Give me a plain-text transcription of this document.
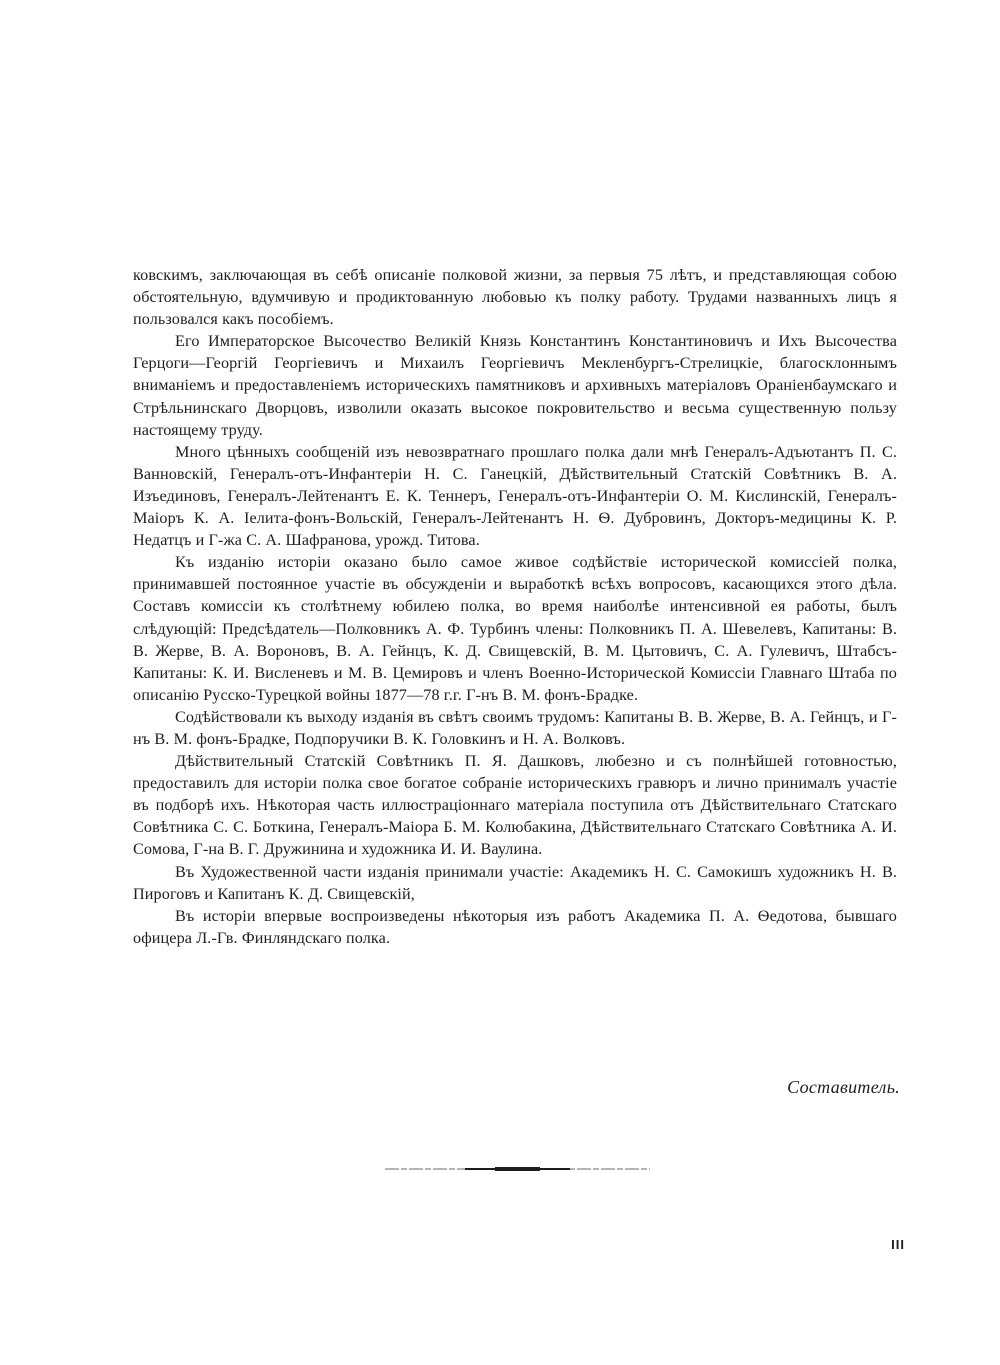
ковскимъ, заключающая въ себѣ описаніе полковой жизни, за первыя 75 лѣтъ, и представляющая собою обстоятельную, вдумчивую и продиктованную любовью къ полку работу. Трудами названныхъ лицъ я пользовался какъ пособіемъ.

Его Императорское Высочество Великій Князь Константинъ Константиновичъ и Ихъ Высочества Герцоги—Георгій Георгіевичъ и Михаилъ Георгіевичъ Мекленбургъ-Стрелицкіе, благосклоннымъ вниманіемъ и предоставленіемъ историческихъ памятниковъ и архивныхъ матеріаловъ Ораніенбаумскаго и Стрѣльнинскаго Дворцовъ, изволили оказать высокое покровительство и весьма существенную пользу настоящему труду.

Много цѣнныхъ сообщеній изъ невозвратнаго прошлаго полка дали мнѣ Генералъ-Адъютантъ П. С. Ванновскій, Генералъ-отъ-Инфантеріи Н. С. Ганецкій, Дѣйствительный Статскій Совѣтникъ В. А. Изъединовъ, Генералъ-Лейтенантъ Е. К. Теннеръ, Генералъ-отъ-Инфантеріи О. М. Кислинскій, Генералъ-Маіоръ К. А. Іелита-фонъ-Вольскій, Генералъ-Лейтенантъ Н. Ѳ. Дубровинъ, Докторъ-медицины К. Р. Недатцъ и Г-жа С. А. Шафранова, урожд. Титова.

Къ изданію исторіи оказано было самое живое содѣйствіе исторической комиссіей полка, принимавшей постоянное участіе въ обсужденіи и выработкѣ всѣхъ вопросовъ, касающихся этого дѣла. Составъ комиссіи къ столѣтнему юбилею полка, во время наиболѣе интенсивной ея работы, былъ слѣдующій: Предсѣдатель—Полковникъ А. Ф. Турбинъ члены: Полковникъ П. А. Шевелевъ, Капитаны: В. В. Жерве, В. А. Вороновъ, В. А. Гейнцъ, К. Д. Свищевскій, В. М. Цытовичъ, С. А. Гулевичъ, Штабсъ-Капитаны: К. И. Висленевъ и М. В. Цемировъ и членъ Военно-Исторической Комиссіи Главнаго Штаба по описанію Русско-Турецкой войны 1877—78 г.г. Г-нъ В. М. фонъ-Брадке.

Содѣйствовали къ выходу изданія въ свѣтъ своимъ трудомъ: Капитаны В. В. Жерве, В. А. Гейнцъ, и Г-нъ В. М. фонъ-Брадке, Подпоручики В. К. Головкинъ и Н. А. Волковъ.

Дѣйствительный Статскій Совѣтникъ П. Я. Дашковъ, любезно и съ полнѣйшей готовностью, предоставилъ для исторіи полка свое богатое собраніе историческихъ гравюръ и лично принималъ участіе въ подборѣ ихъ. Нѣкоторая часть иллюстраціоннаго матеріала поступила отъ Дѣйствительнаго Статскаго Совѣтника С. С. Боткина, Генералъ-Маіора Б. М. Колюбакина, Дѣйствительнаго Статскаго Совѣтника А. И. Сомова, Г-на В. Г. Дружинина и художника И. И. Ваулина.

Въ Художественной части изданія принимали участіе: Академикъ Н. С. Самокишъ художникъ Н. В. Пироговъ и Капитанъ К. Д. Свищевскій,

Въ исторіи впервые воспроизведены нѣкоторыя изъ работъ Академика П. А. Ѳедотова, бывшаго офицера Л.-Гв. Финляндскаго полка.

Составитель.
III
